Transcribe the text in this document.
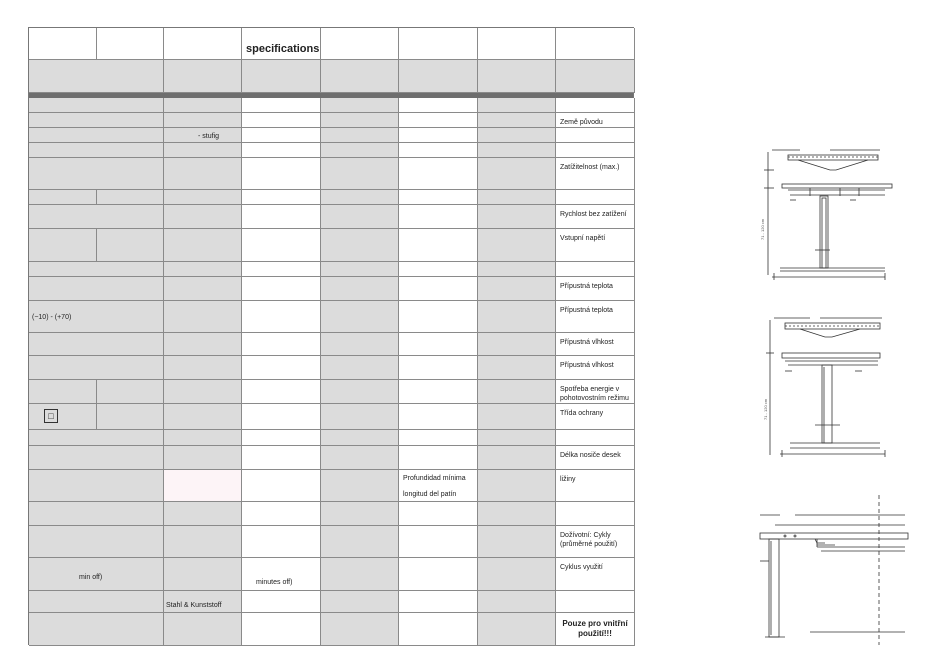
specifications
Země původu
- stufig
Zatížitelnost (max.)
Rychlost bez zatížení
Vstupní napětí
Přípustná teplota
(−10) - (+70)
Přípustná teplota
Přípustná vlhkost
Přípustná vlhkost
Spotřeba energie v pohotovostním režimu
Třída ochrany
Délka nosiče desek
Profundidad mínima
longitud del patín
ližiny
Dožívotní: Cykly (průměrné použití)
min off)
minutes off)
Cyklus využití
Stahl & Kunststoff
Pouze pro vnitřní použití!!!
□
71 - 120 cm
71 - 120 cm
